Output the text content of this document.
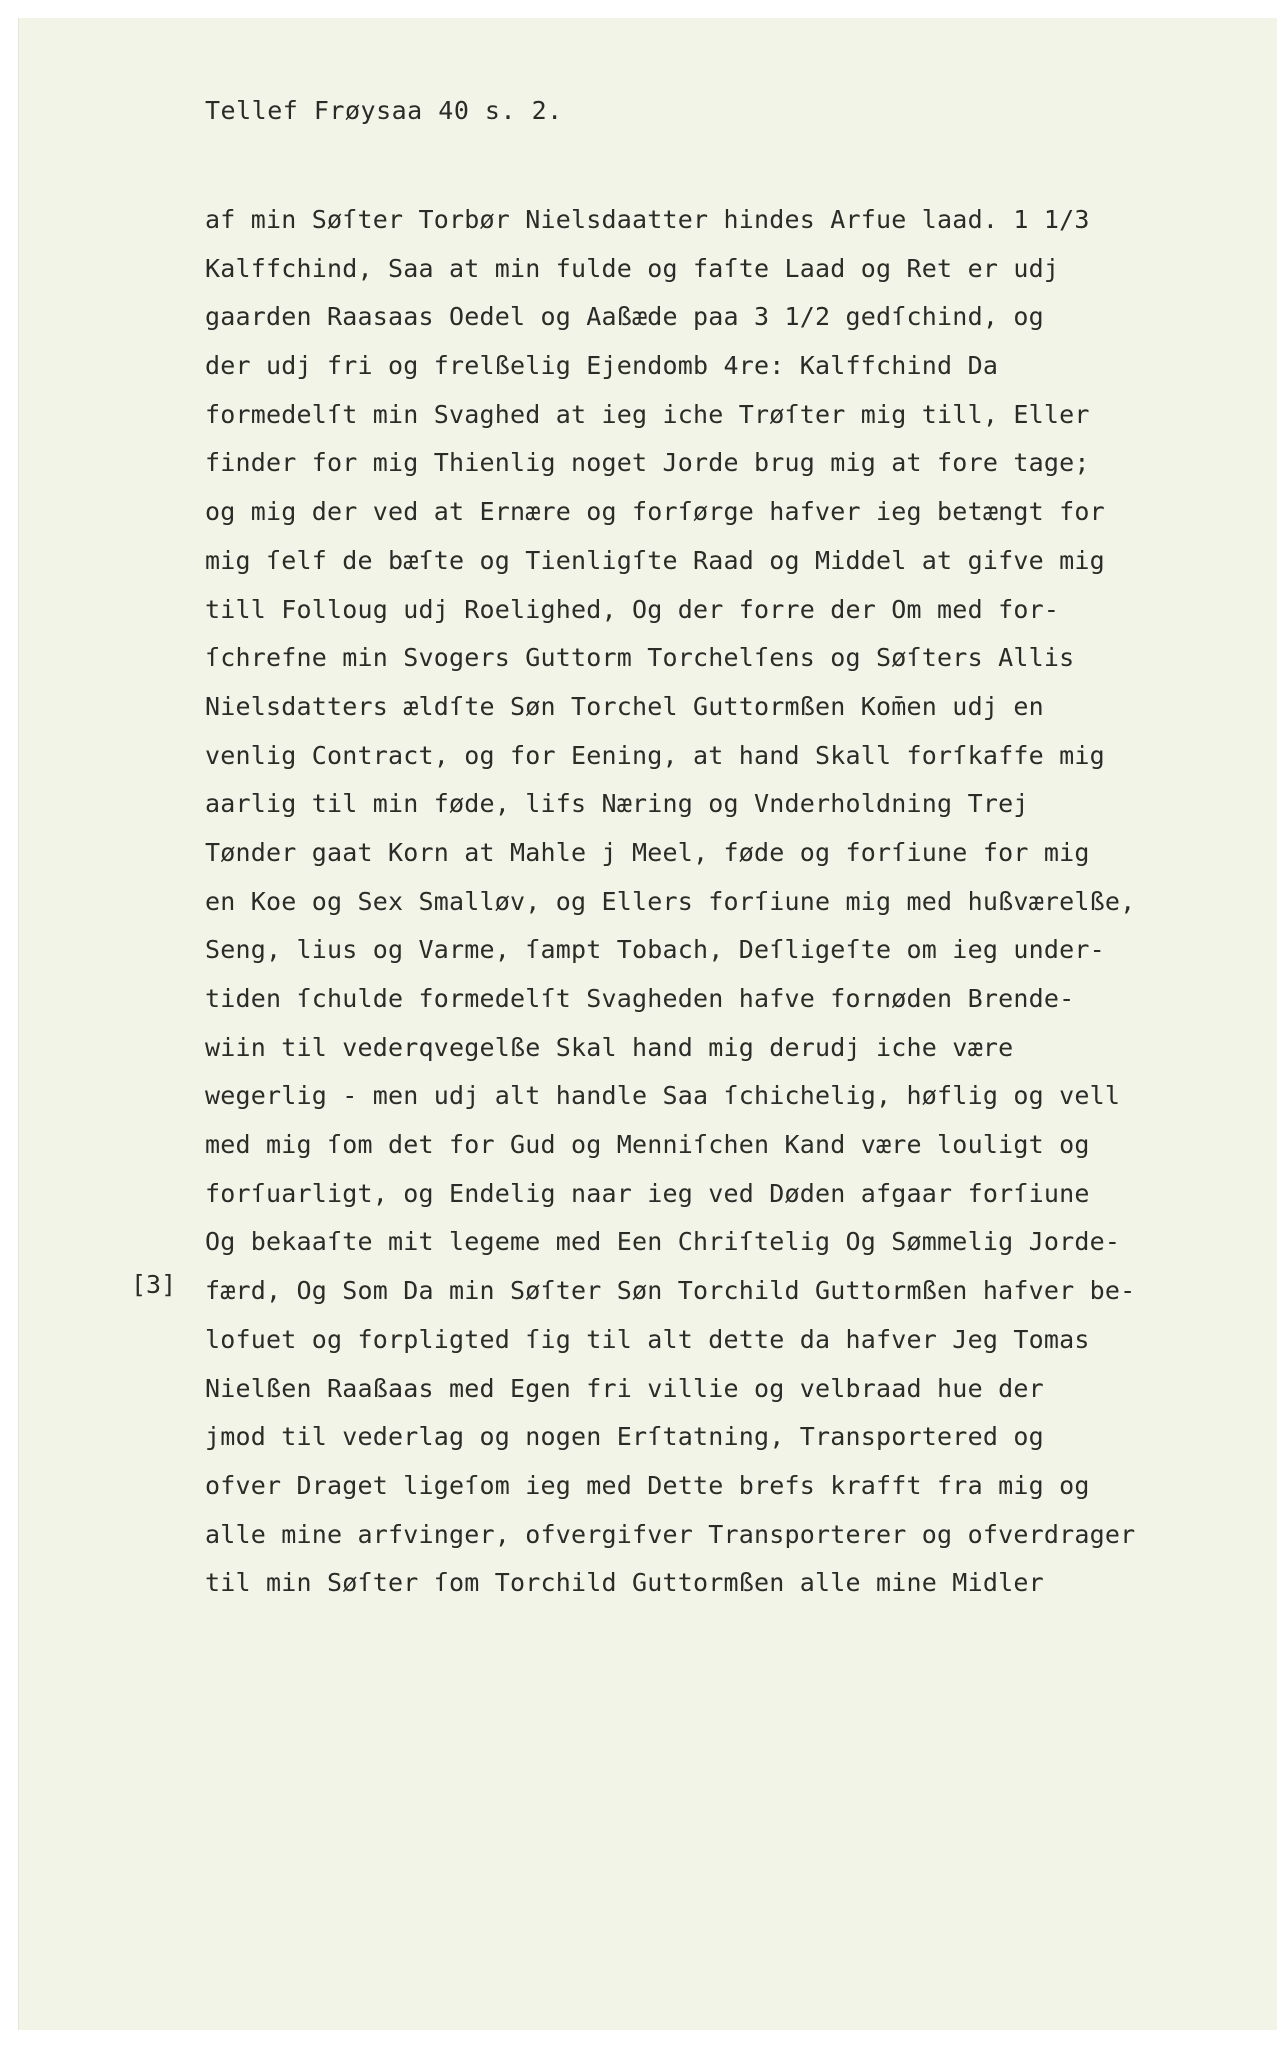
Tellef Frøysaa 40 s. 2.
[3]
af min Søſter Torbør Nielsdaatter hindes Arfue laad. 1 1/3
Kalffchind, Saa at min fulde og faſte Laad og Ret er udj
gaarden Raasaas Oedel og Aaßæde paa 3 1/2 gedſchind, og
der udj fri og frelßelig Ejendomb 4re: Kalffchind Da
formedelſt min Svaghed at ieg iche Trøſter mig till, Eller
finder for mig Thienlig noget Jorde brug mig at fore tage;
og mig der ved at Ernære og forſørge hafver ieg betængt for
mig ſelf de bæſte og Tienligſte Raad og Middel at gifve mig
till Folloug udj Roelighed, Og der forre der Om med for-
ſchrefne min Svogers Guttorm Torchelſens og Søſters Allis
Nielsdatters ældſte Søn Torchel Guttormßen Kom̄en udj en
venlig Contract, og for Eening, at hand Skall forſkaffe mig
aarlig til min føde, lifs Næring og Vnderholdning Trej
Tønder gaat Korn at Mahle j Meel, føde og forſiune for mig
en Koe og Sex Smalløv, og Ellers forſiune mig med hußværelße,
Seng, lius og Varme, ſampt Tobach, Deſligeſte om ieg under-
tiden ſchulde formedelſt Svagheden hafve fornøden Brende-
wiin til vederqvegelße Skal hand mig derudj iche være
wegerlig - men udj alt handle Saa ſchichelig, høflig og vell
med mig ſom det for Gud og Menniſchen Kand være louligt og
forſuarligt, og Endelig naar ieg ved Døden afgaar forſiune
Og bekaaſte mit legeme med Een Chriſtelig Og Sømmelig Jorde-
færd, Og Som Da min Søſter Søn Torchild Guttormßen hafver be-
lofuet og forpligted ſig til alt dette da hafver Jeg Tomas
Nielßen Raaßaas med Egen fri villie og velbraad hue der
jmod til vederlag og nogen Erſtatning, Transportered og
ofver Draget ligeſom ieg med Dette brefs krafft fra mig og
alle mine arfvinger, ofvergifver Transporterer og ofverdrager
til min Søſter ſom Torchild Guttormßen alle mine Midler
